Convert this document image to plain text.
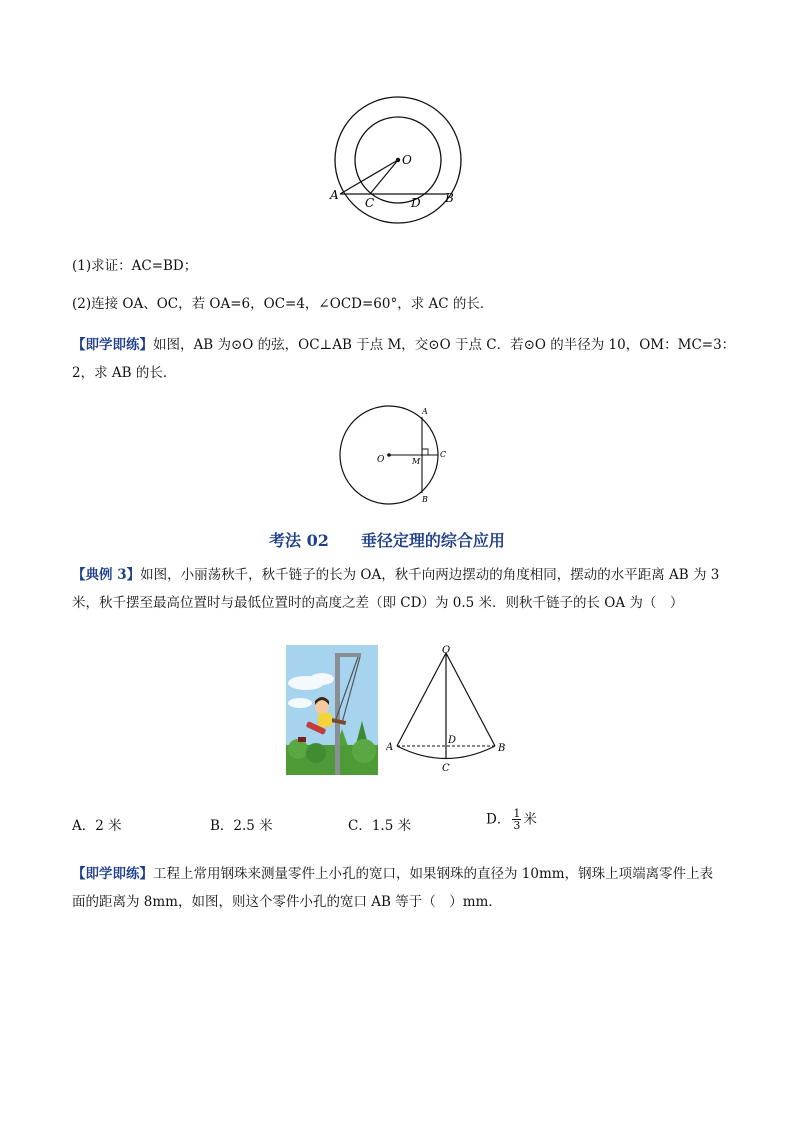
O
A
C	D B
(1)求证：AC=BD；
(2)连接 OA、OC，若 OA=6，OC=4，∠OCD=60°，求 AC 的长．
【即学即练】如图，AB 为⊙O 的弦，OC⊥AB 于点 M，交⊙O 于点 C．若⊙O 的半径为 10，OM：MC=3：
2，求 AB 的长．
O	M
A
B
C
考法 02　　垂径定理的综合应用
【典例 3】如图，小丽荡秋千，秋千链子的长为 OA，秋千向两边摆动的角度相同，摆动的水平距离 AB 为 3
米，秋千摆至最高位置时与最低位置时的高度之差（即 CD）为 0.5 米．则秋千链子的长 OA 为（　）
O
A	B
D
C
A．2 米	B．2.5 米	C．1.5 米	D． $\frac{1}{3}$ 米
【即学即练】工程上常用钢珠来测量零件上小孔的宽口，如果钢珠的直径为 10mm，钢珠上项端离零件上表
面的距离为 8mm，如图，则这个零件小孔的宽口 AB 等于（　）mm．
